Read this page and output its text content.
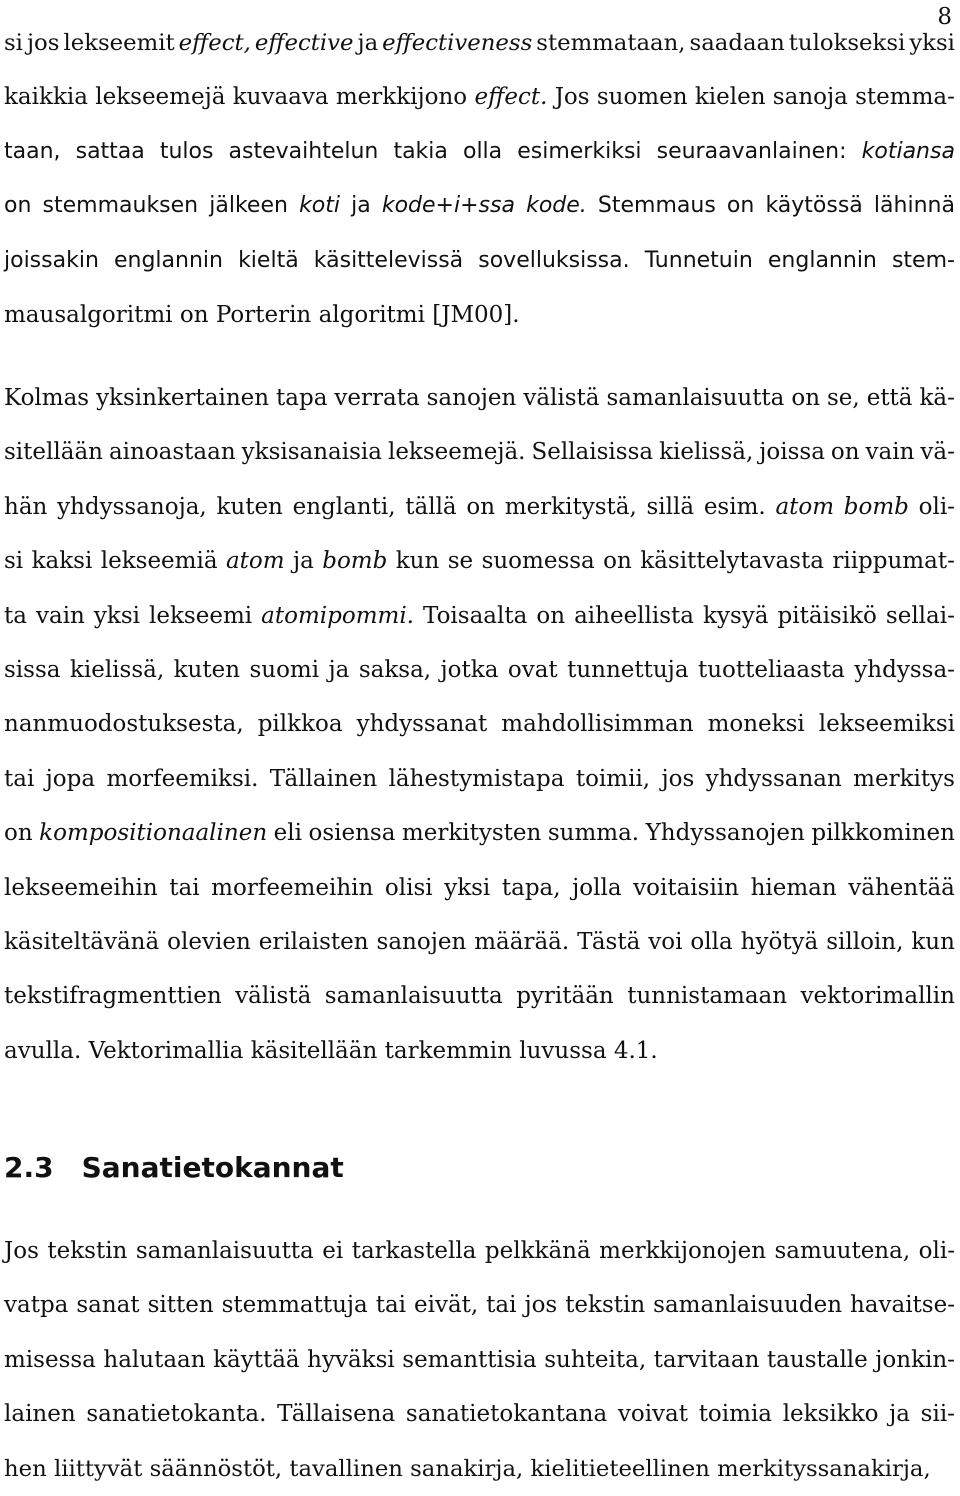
8
si jos lekseemit effect, effective ja effectiveness stemmataan, saadaan tulokseksi yksi
kaikkia lekseemejä kuvaava merkkijono effect. Jos suomen kielen sanoja stemma-
taan, sattaa tulos astevaihtelun takia olla esimerkiksi seuraavanlainen: kotiansa
on stemmauksen jälkeen koti ja kode+i+ssa kode. Stemmaus on käytössä lähinnä
joissakin englannin kieltä käsittelevissä sovelluksissa. Tunnetuin englannin stem-
mausalgoritmi on Porterin algoritmi [JM00].
Kolmas yksinkertainen tapa verrata sanojen välistä samanlaisuutta on se, että kä-
sitellään ainoastaan yksisanaisia lekseemejä. Sellaisissa kielissä, joissa on vain vä-
hän yhdyssanoja, kuten englanti, tällä on merkitystä, sillä esim. atom bomb oli-
si kaksi lekseemiä atom ja bomb kun se suomessa on käsittelytavasta riippumat-
ta vain yksi lekseemi atomipommi. Toisaalta on aiheellista kysyä pitäisikö sellai-
sissa kielissä, kuten suomi ja saksa, jotka ovat tunnettuja tuotteliaasta yhdyssa-
nanmuodostuksesta, pilkkoa yhdyssanat mahdollisimman moneksi lekseemiksi
tai jopa morfeemiksi. Tällainen lähestymistapa toimii, jos yhdyssanan merkitys
on kompositionaalinen eli osiensa merkitysten summa. Yhdyssanojen pilkkominen
lekseemeihin tai morfeemeihin olisi yksi tapa, jolla voitaisiin hieman vähentää
käsiteltävänä olevien erilaisten sanojen määrää. Tästä voi olla hyötyä silloin, kun
tekstifragmenttien välistä samanlaisuutta pyritään tunnistamaan vektorimallin
avulla. Vektorimallia käsitellään tarkemmin luvussa 4.1.
2.3 Sanatietokannat
Jos tekstin samanlaisuutta ei tarkastella pelkkänä merkkijonojen samuutena, oli-
vatpa sanat sitten stemmattuja tai eivät, tai jos tekstin samanlaisuuden havaitse-
misessa halutaan käyttää hyväksi semanttisia suhteita, tarvitaan taustalle jonkin-
lainen sanatietokanta. Tällaisena sanatietokantana voivat toimia leksikko ja sii-
hen liittyvät säännöstöt, tavallinen sanakirja, kielitieteellinen merkityssanakirja,
